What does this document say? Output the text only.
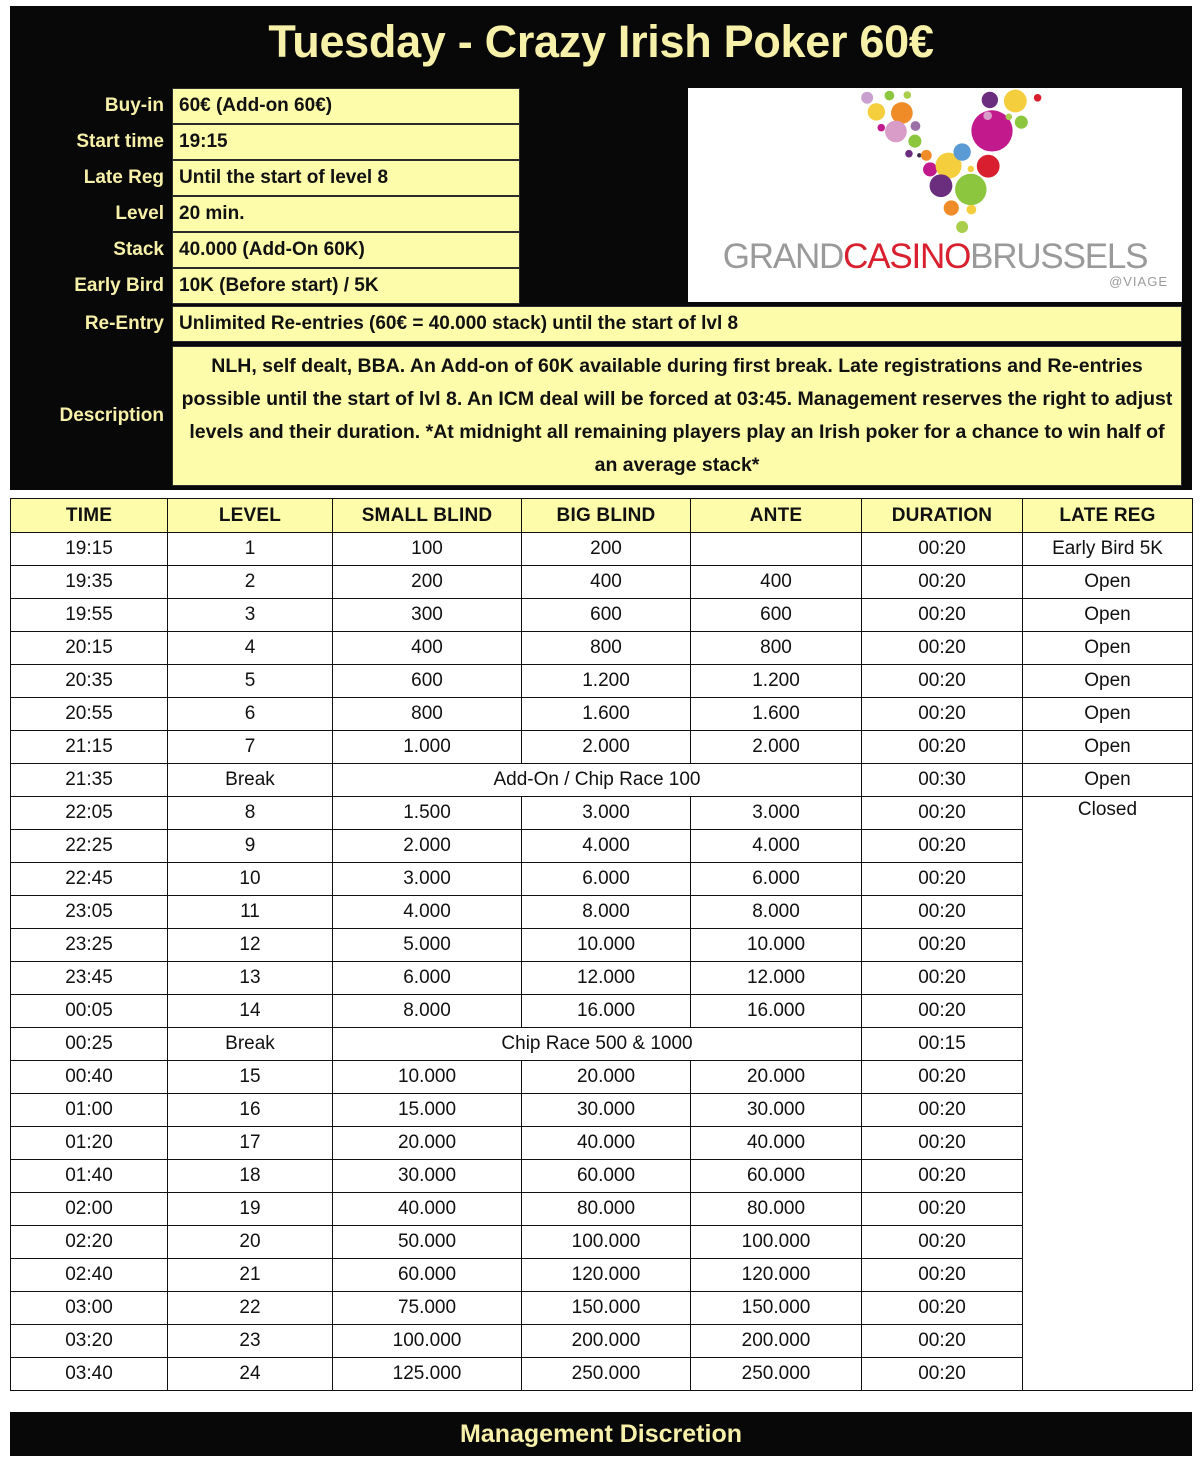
Tuesday - Crazy Irish Poker 60€
Buy-in 60€ (Add-on 60€)
Start time 19:15
Late Reg Until the start of level 8
Level 20 min.
Stack 40.000 (Add-On 60K)
Early Bird 10K (Before start) / 5K
Re-Entry Unlimited Re-entries (60€ = 40.000 stack) until the start of lvl 8
Description
NLH, self dealt, BBA. An Add-on of 60K available during first break. Late registrations and Re-entries possible until the start of lvl 8. An ICM deal will be forced at 03:45. Management reserves the right to adjust levels and their duration. *At midnight all remaining players play an Irish poker for a chance to win half of an average stack*
GRANDCASINOBRUSSELS
@VIAGE
TIME	LEVEL	SMALL BLIND	BIG BLIND	ANTE	DURATION	LATE REG
19:15	1	100	200		00:20	Early Bird 5K
19:35	2	200	400	400	00:20	Open
19:55	3	300	600	600	00:20	Open
20:15	4	400	800	800	00:20	Open
20:35	5	600	1.200	1.200	00:20	Open
20:55	6	800	1.600	1.600	00:20	Open
21:15	7	1.000	2.000	2.000	00:20	Open
21:35	Break	Add-On / Chip Race 100			00:30	Open
22:05	8	1.500	3.000	3.000	00:20	Closed
22:25	9	2.000	4.000	4.000	00:20	
22:45	10	3.000	6.000	6.000	00:20	
23:05	11	4.000	8.000	8.000	00:20	
23:25	12	5.000	10.000	10.000	00:20	
23:45	13	6.000	12.000	12.000	00:20	
00:05	14	8.000	16.000	16.000	00:20	
00:25	Break	Chip Race 500 & 1000			00:15	
00:40	15	10.000	20.000	20.000	00:20	
01:00	16	15.000	30.000	30.000	00:20	
01:20	17	20.000	40.000	40.000	00:20	
01:40	18	30.000	60.000	60.000	00:20	
02:00	19	40.000	80.000	80.000	00:20	
02:20	20	50.000	100.000	100.000	00:20	
02:40	21	60.000	120.000	120.000	00:20	
03:00	22	75.000	150.000	150.000	00:20	
03:20	23	100.000	200.000	200.000	00:20	
03:40	24	125.000	250.000	250.000	00:20	
Management Discretion
